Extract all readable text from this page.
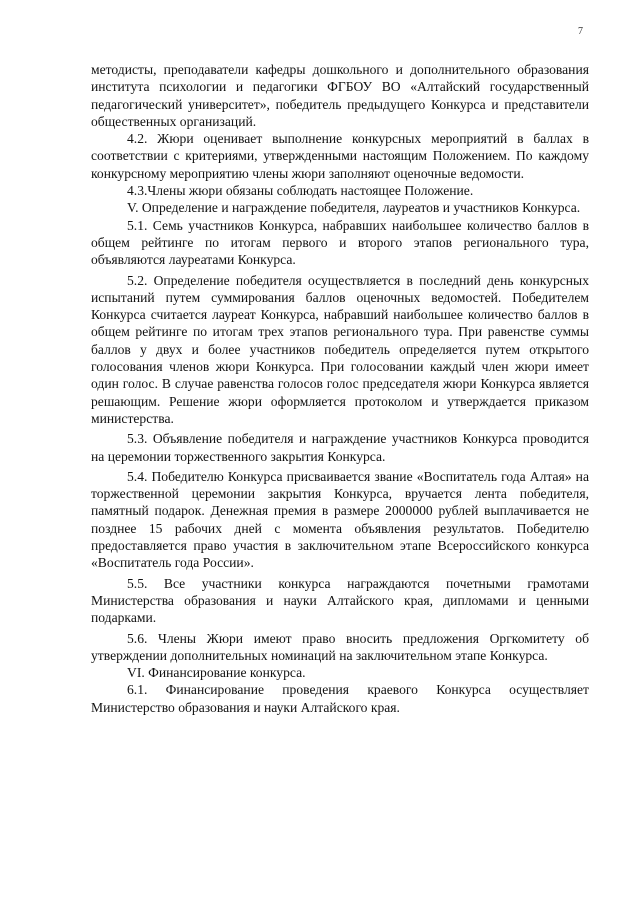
7

методисты, преподаватели кафедры дошкольного и дополнительного образования института психологии и педагогики ФГБОУ ВО «Алтайский государственный педагогический университет», победитель предыдущего Конкурса и представители общественных организаций.

4.2. Жюри оценивает выполнение конкурсных мероприятий в баллах в соответствии с критериями, утвержденными настоящим Положением. По каждому конкурсному мероприятию члены жюри заполняют оценочные ведомости.

4.3.Члены жюри обязаны соблюдать настоящее Положение.

V. Определение и награждение победителя, лауреатов и участников Конкурса.

5.1. Семь участников Конкурса, набравших наибольшее количество баллов в общем рейтинге по итогам первого и второго этапов регионального тура, объявляются лауреатами Конкурса.

5.2. Определение победителя осуществляется в последний день конкурсных испытаний путем суммирования баллов оценочных ведомостей. Победителем Конкурса считается лауреат Конкурса, набравший наибольшее количество баллов в общем рейтинге по итогам трех этапов регионального тура. При равенстве суммы баллов у двух и более участников победитель определяется путем открытого голосования членов жюри Конкурса. При голосовании каждый член жюри имеет один голос. В случае равенства голосов голос председателя жюри Конкурса является решающим. Решение жюри оформляется протоколом и утверждается приказом министерства.

5.3. Объявление победителя и награждение участников Конкурса проводится на церемонии торжественного закрытия Конкурса.

5.4. Победителю Конкурса присваивается звание «Воспитатель года Алтая» на торжественной церемонии закрытия Конкурса, вручается лента победителя, памятный подарок. Денежная премия в размере 2000000 рублей выплачивается не позднее 15 рабочих дней с момента объявления результатов. Победителю предоставляется право участия в заключительном этапе Всероссийского конкурса «Воспитатель года России».

5.5. Все участники конкурса награждаются почетными грамотами Министерства образования и науки Алтайского края, дипломами и ценными подарками.

5.6. Члены Жюри имеют право вносить предложения Оргкомитету об утверждении дополнительных номинаций на заключительном этапе Конкурса.

VI. Финансирование конкурса.

6.1. Финансирование проведения краевого Конкурса осуществляет Министерство образования и науки Алтайского края.
